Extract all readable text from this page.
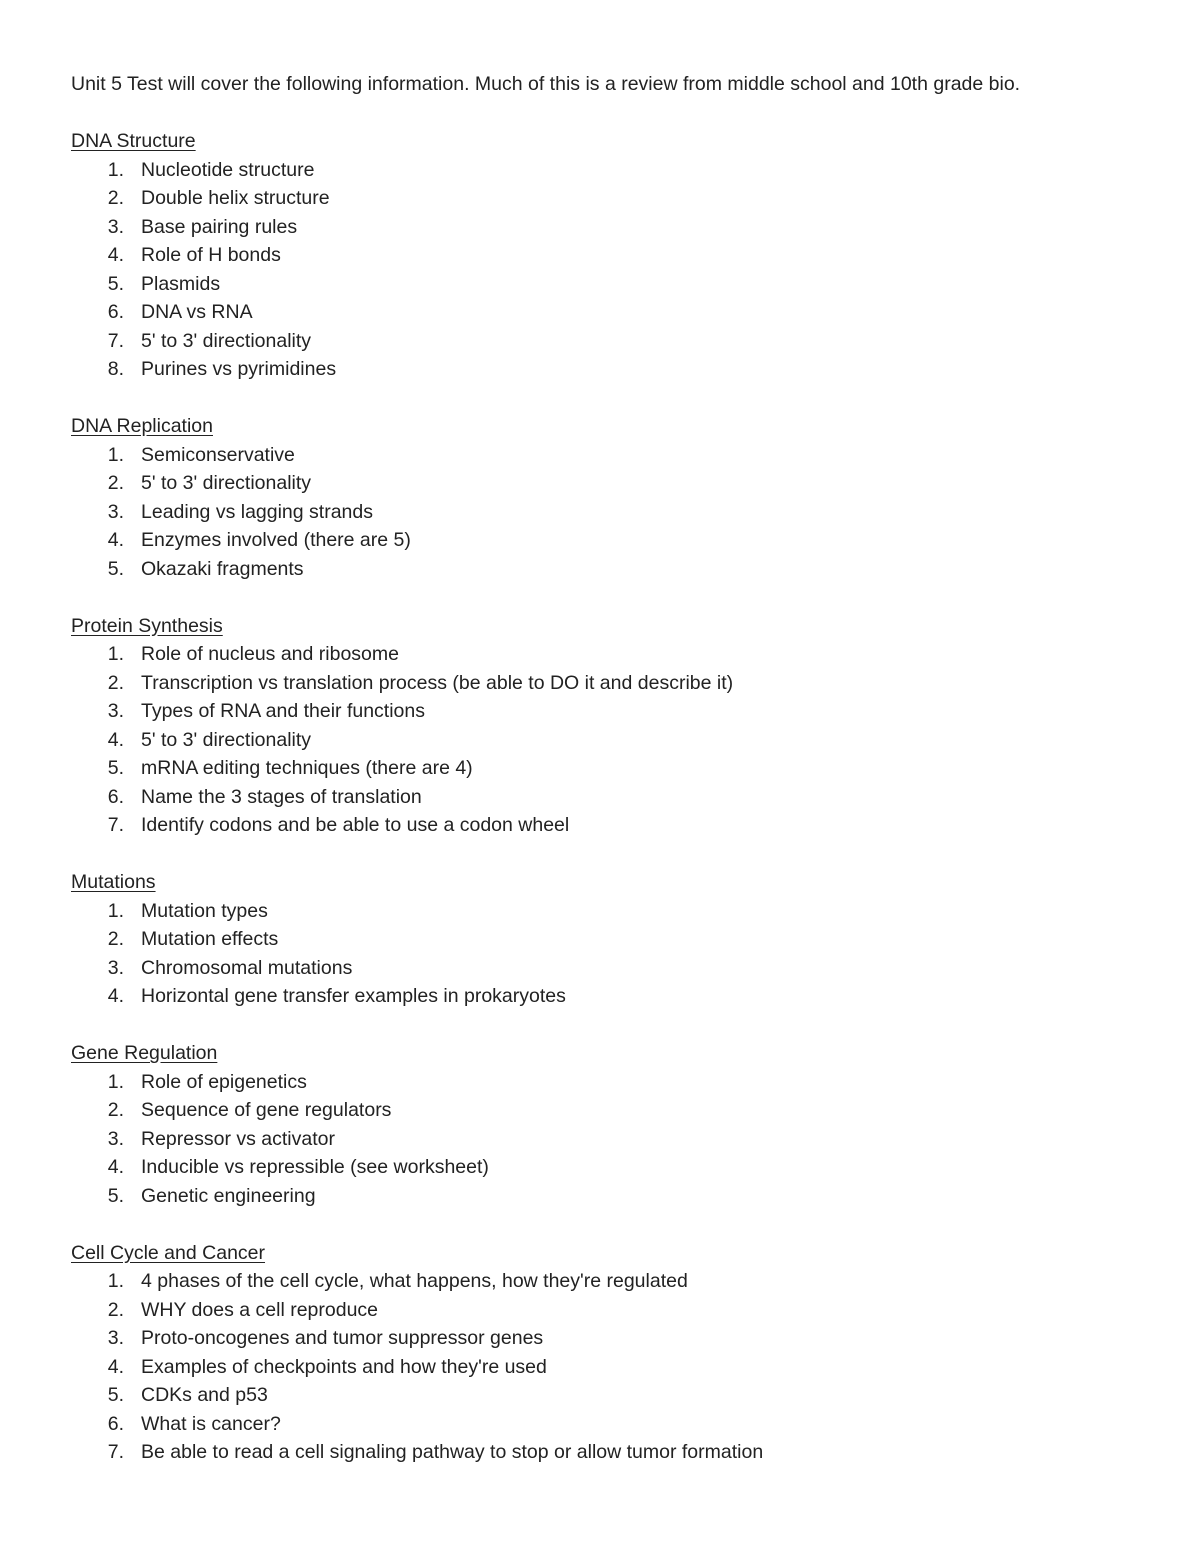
Unit 5 Test will cover the following information. Much of this is a review from middle school and 10th grade bio.

DNA Structure

1. Nucleotide structure
2. Double helix structure
3. Base pairing rules
4. Role of H bonds
5. Plasmids
6. DNA vs RNA
7. 5' to 3' directionality
8. Purines vs pyrimidines

DNA Replication

1. Semiconservative
2. 5' to 3' directionality
3. Leading vs lagging strands
4. Enzymes involved (there are 5)
5. Okazaki fragments

Protein Synthesis

1. Role of nucleus and ribosome
2. Transcription vs translation process (be able to DO it and describe it)
3. Types of RNA and their functions
4. 5' to 3' directionality
5. mRNA editing techniques (there are 4)
6. Name the 3 stages of translation
7. Identify codons and be able to use a codon wheel

Mutations

1. Mutation types
2. Mutation effects
3. Chromosomal mutations
4. Horizontal gene transfer examples in prokaryotes

Gene Regulation

1. Role of epigenetics
2. Sequence of gene regulators
3. Repressor vs activator
4. Inducible vs repressible (see worksheet)
5. Genetic engineering

Cell Cycle and Cancer

1. 4 phases of the cell cycle, what happens, how they're regulated
2. WHY does a cell reproduce
3. Proto-oncogenes and tumor suppressor genes
4. Examples of checkpoints and how they're used
5. CDKs and p53
6. What is cancer?
7. Be able to read a cell signaling pathway to stop or allow tumor formation
